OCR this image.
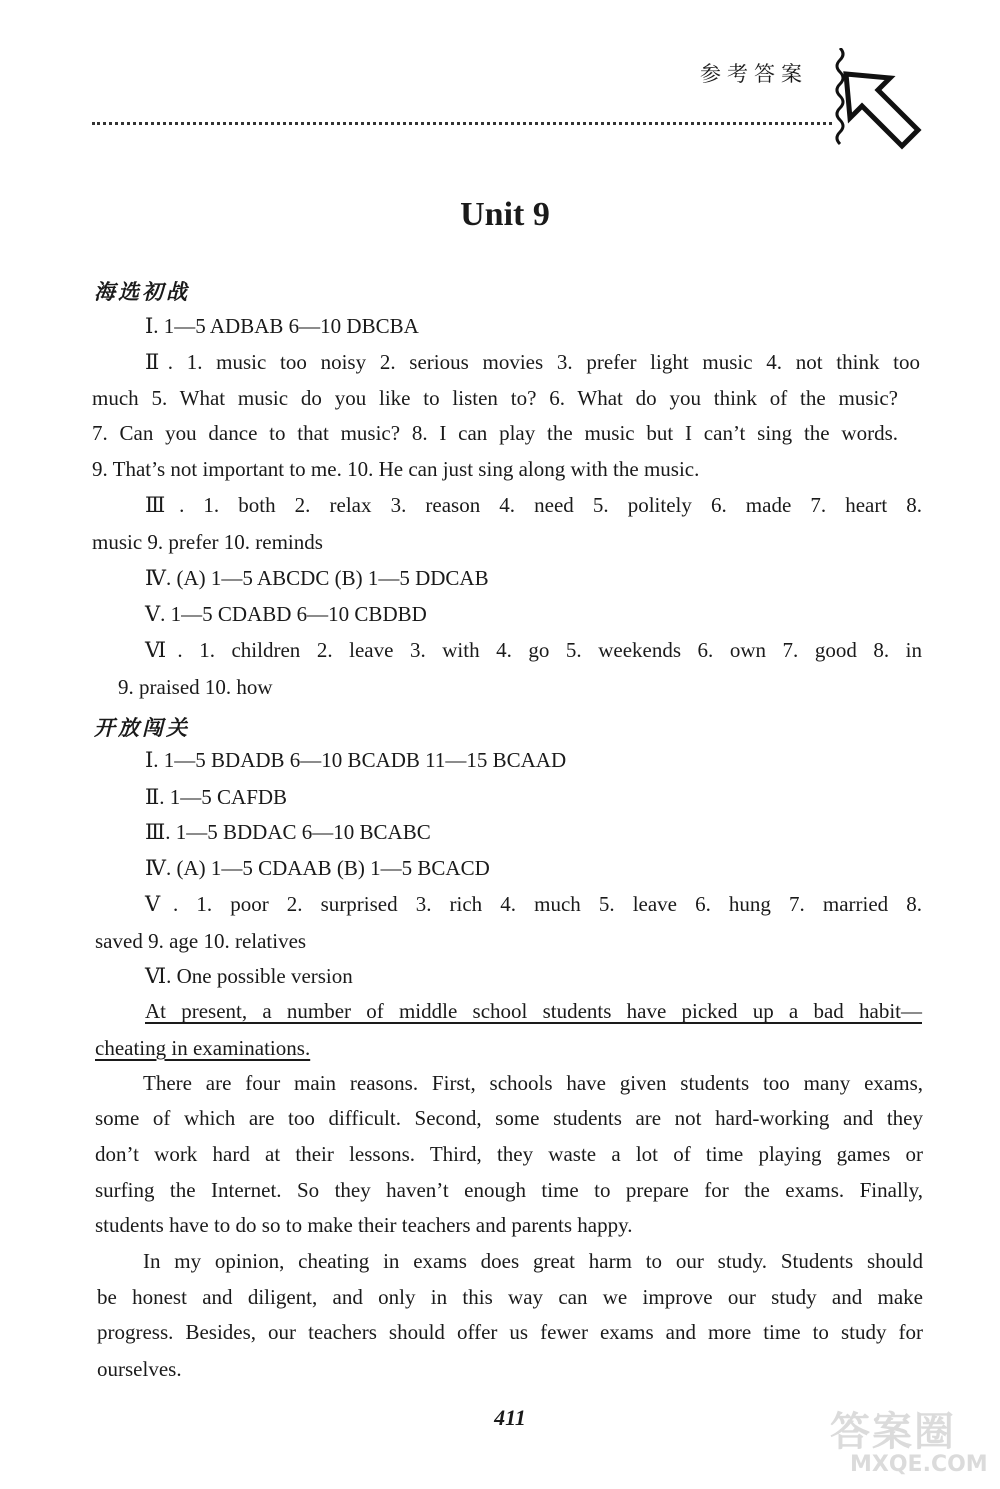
参考答案
Unit 9
海选初战
Ⅰ. 1—5 ADBAB 6—10 DBCBA
Ⅱ. 1. music too noisy 2. serious movies 3. prefer light music 4. not think too
much 5. What music do you like to listen to? 6. What do you think of the music?
7. Can you dance to that music? 8. I can play the music but I can’t sing the words.
9. That’s not important to me. 10. He can just sing along with the music.
Ⅲ. 1. both 2. relax 3. reason 4. need 5. politely 6. made 7. heart 8.
music 9. prefer 10. reminds
Ⅳ. (A) 1—5 ABCDC (B) 1—5 DDCAB
Ⅴ. 1—5 CDABD 6—10 CBDBD
Ⅵ. 1. children 2. leave 3. with 4. go 5. weekends 6. own 7. good 8. in
9. praised 10. how
开放闯关
Ⅰ. 1—5 BDADB 6—10 BCADB 11—15 BCAAD
Ⅱ. 1—5 CAFDB
Ⅲ. 1—5 BDDAC 6—10 BCABC
Ⅳ. (A) 1—5 CDAAB (B) 1—5 BCACD
Ⅴ. 1. poor 2. surprised 3. rich 4. much 5. leave 6. hung 7. married 8.
saved 9. age 10. relatives
Ⅵ. One possible version
At present, a number of middle school students have picked up a bad habit—
cheating in examinations.
There are four main reasons. First, schools have given students too many exams,
some of which are too difficult. Second, some students are not hard-working and they
don’t work hard at their lessons. Third, they waste a lot of time playing games or
surfing the Internet. So they haven’t enough time to prepare for the exams. Finally,
students have to do so to make their teachers and parents happy.
In my opinion, cheating in exams does great harm to our study. Students should
be honest and diligent, and only in this way can we improve our study and make
progress. Besides, our teachers should offer us fewer exams and more time to study for
ourselves.
411	答案圈
MXQE.COM
